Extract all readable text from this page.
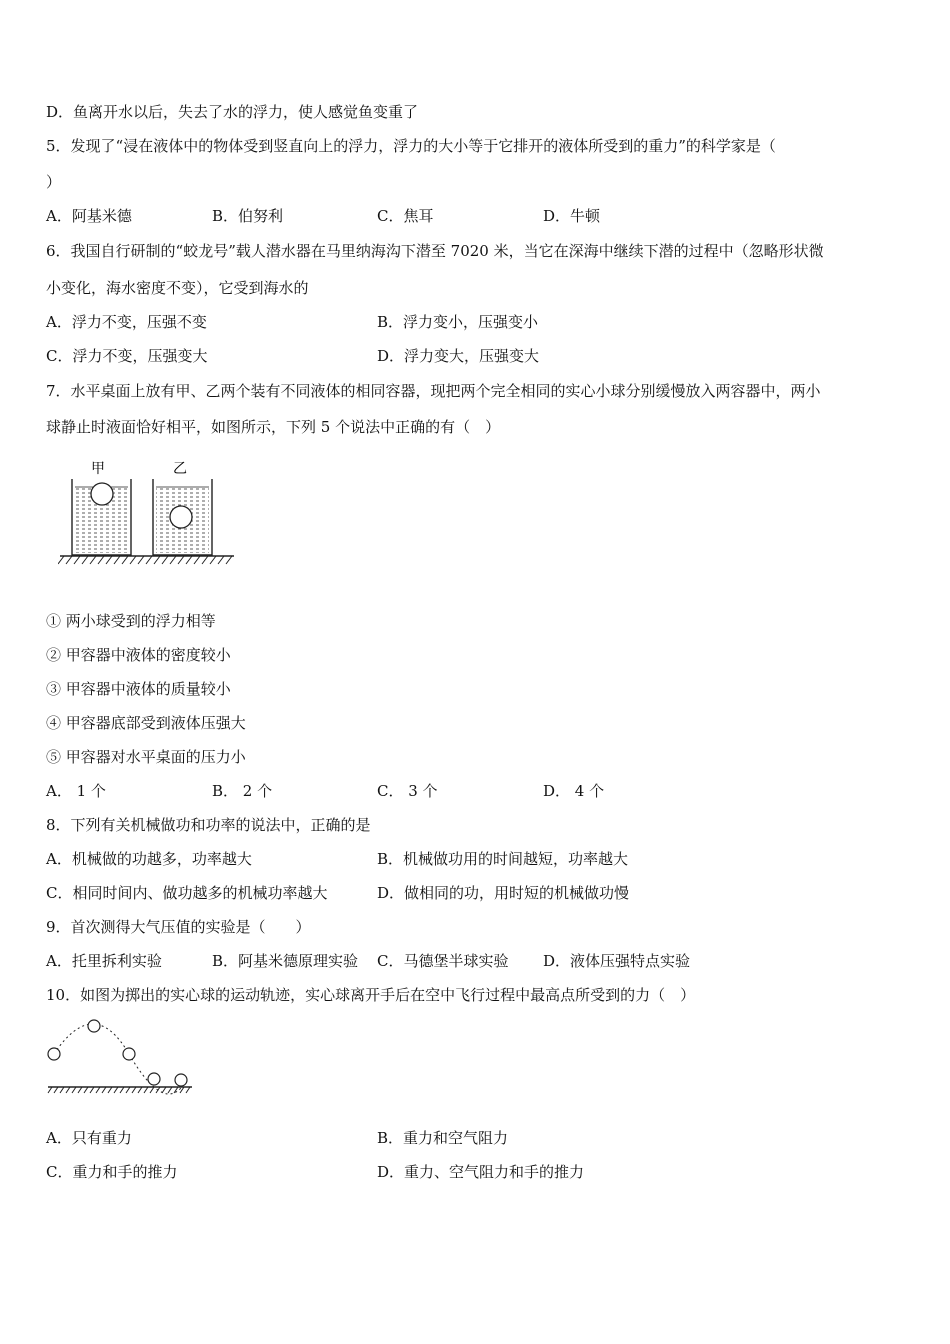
D．鱼离开水以后，失去了水的浮力，使人感觉鱼变重了
5．发现了“浸在液体中的物体受到竖直向上的浮力，浮力的大小等于它排开的液体所受到的重力”的科学家是（
）
A．阿基米德	B．伯努利	C．焦耳	D．牛顿
6．我国自行研制的“蛟龙号”载人潜水器在马里纳海沟下潜至 7020 米，当它在深海中继续下潜的过程中（忽略形状微
小变化，海水密度不变），它受到海水的
A．浮力不变，压强不变	B．浮力变小，压强变小
C．浮力不变，压强变大	D．浮力变大，压强变大
7．水平桌面上放有甲、乙两个装有不同液体的相同容器，现把两个完全相同的实心小球分别缓慢放入两容器中，两小
球静止时液面恰好相平，如图所示，下列 5 个说法中正确的有（　）
甲	乙
① 两小球受到的浮力相等
② 甲容器中液体的密度较小
③ 甲容器中液体的质量较小
④ 甲容器底部受到液体压强大
⑤ 甲容器对水平桌面的压力小
A． 1 个	B． 2 个	C． 3 个	D． 4 个
8．下列有关机械做功和功率的说法中，正确的是
A．机械做的功越多，功率越大	B．机械做功用的时间越短，功率越大
C．相同时间内、做功越多的机械功率越大	D．做相同的功，用时短的机械做功慢
9．首次测得大气压值的实验是（　　）
A．托里拆利实验	B．阿基米德原理实验 C．马德堡半球实验 D．液体压强特点实验
10．如图为掷出的实心球的运动轨迹，实心球离开手后在空中飞行过程中最高点所受到的力（　）
A．只有重力	B．重力和空气阻力
C．重力和手的推力	D．重力、空气阻力和手的推力
